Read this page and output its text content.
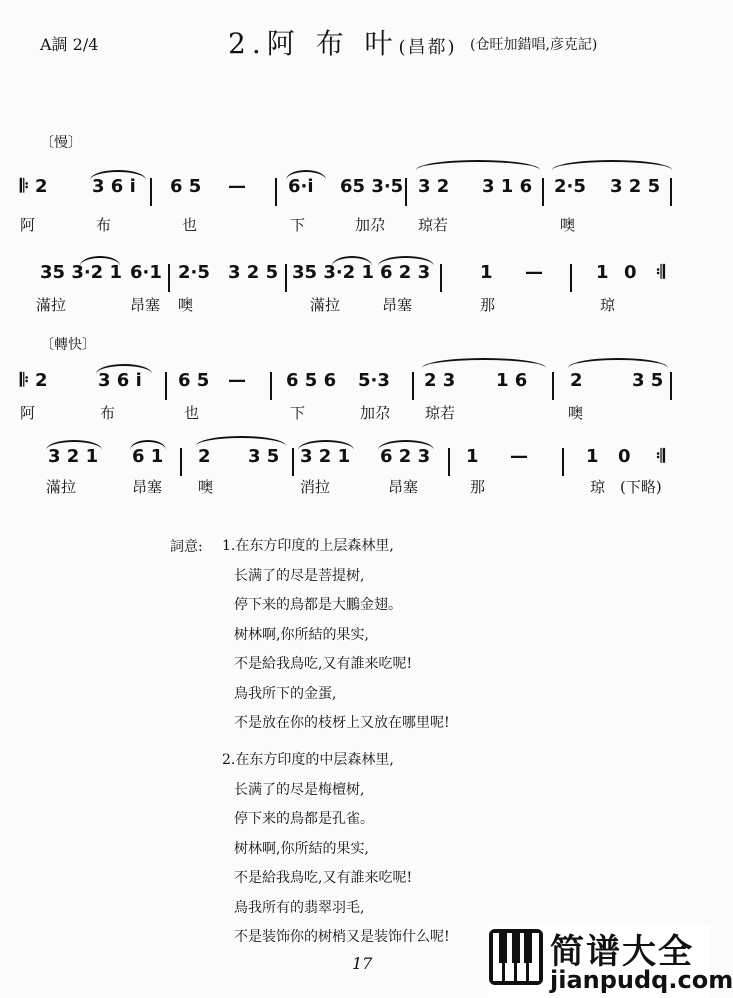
A調 2/4	2.阿 布 叶(昌都) (仓旺加錯唱,彦克記)
〔慢〕
𝄆 2 3 6 i 6 5 — 6·i 65 3·5 3 2 3 1 6 2·5 3 2 5
阿	布	也	下	加尕 琼若	噢
35 3·2 1 6·1 2·5 3 2 5 35 3·2 1 6 2 3	1 —	1 0 𝄇
滿拉	昂塞 噢	滿拉	昂塞	那	琼
〔轉快〕
𝄆 2	3 6 i 6 5 — 6 5 6 5·3 2 3 1 6 2	3 5
阿	布	也	下	加尕 琼若	噢
3 2 1 6 1 2 3 5 3 2 1 6 2 3 1 —	1 0 𝄇
滿拉	昂塞 噢	消拉	昂塞	那	琼 (下略)
詞意: 1.在东方印度的上层森林里,
长满了的尽是菩提树,
停下来的鳥都是大鵬金翅。
树林啊,你所結的果实,
不是給我鳥吃,又有誰来吃呢!
鳥我所下的金蛋,
不是放在你的枝枒上又放在哪里呢!
2.在东方印度的中层森林里,
长满了的尽是梅檀树,
停下来的鳥都是孔雀。
树林啊,你所結的果实,
不是給我鳥吃,又有誰来吃呢!
鳥我所有的翡翠羽毛,
不是装饰你的树梢又是装饰什么呢!
17	简谱大全
jianpudq.com
